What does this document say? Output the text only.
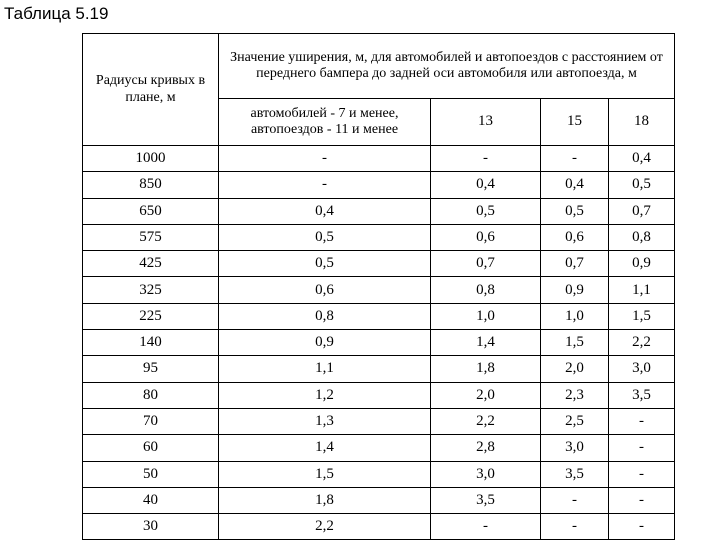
Таблица 5.19
Радиусы кривых в плане, м	Значение уширения, м, для автомобилей и автопоездов с расстоянием от переднего бампера до задней оси автомобиля или автопоезда, м			
	автомобилей - 7 и менее, автопоездов - 11 и менее	13	15	18
1000	-	-	-	0,4
850	-	0,4	0,4	0,5
650	0,4	0,5	0,5	0,7
575	0,5	0,6	0,6	0,8
425	0,5	0,7	0,7	0,9
325	0,6	0,8	0,9	1,1
225	0,8	1,0	1,0	1,5
140	0,9	1,4	1,5	2,2
95	1,1	1,8	2,0	3,0
80	1,2	2,0	2,3	3,5
70	1,3	2,2	2,5	-
60	1,4	2,8	3,0	-
50	1,5	3,0	3,5	-
40	1,8	3,5	-	-
30	2,2	-	-	-
